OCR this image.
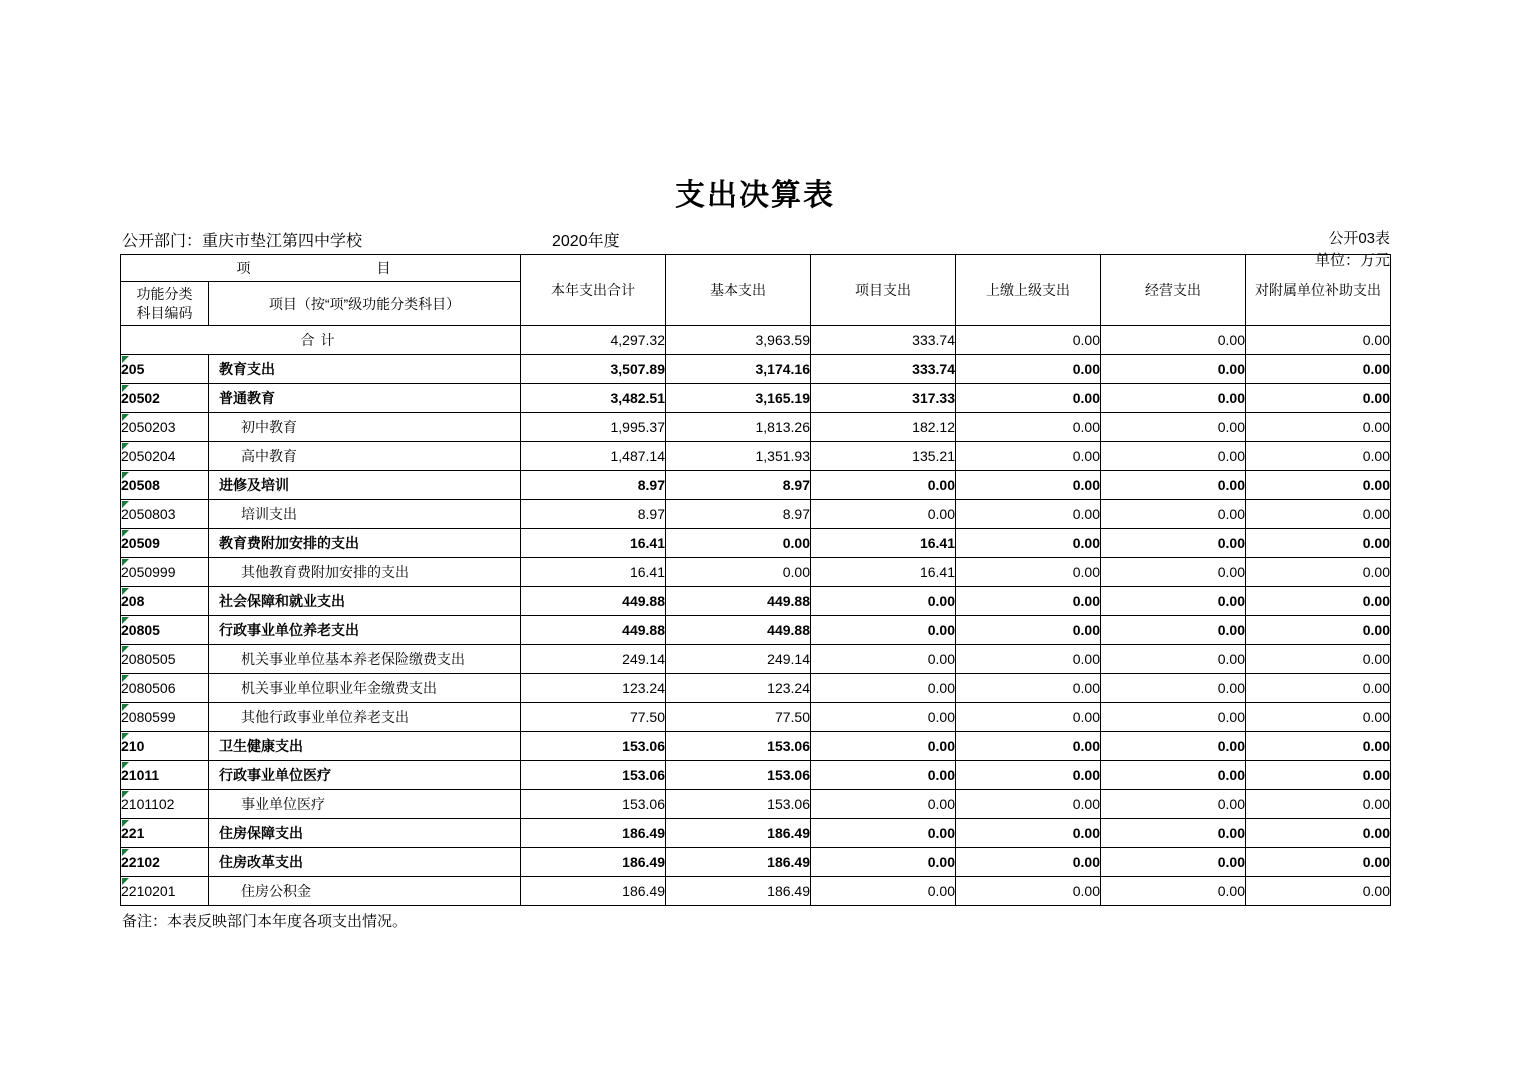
支出决算表
公开03表
单位：万元
公开部门：重庆市垫江第四中学校	2020年度
项　　　　目		本年支出合计	基本支出	项目支出	上缴上级支出	经营支出	对附属单位补助支出

功能分类
科目编码	项目（按“项”级功能分类科目）						
合计		4,297.32	3,963.59	333.74	0.00	0.00	0.00

205	教育支出	3,507.89	3,174.16	333.74	0.00	0.00	0.00

20502	普通教育	3,482.51	3,165.19	317.33	0.00	0.00	0.00

2050203	初中教育	1,995.37	1,813.26	182.12	0.00	0.00	0.00

2050204	高中教育	1,487.14	1,351.93	135.21	0.00	0.00	0.00

20508	进修及培训	8.97	8.97	0.00	0.00	0.00	0.00

2050803	培训支出	8.97	8.97	0.00	0.00	0.00	0.00

20509	教育费附加安排的支出	16.41	0.00	16.41	0.00	0.00	0.00

2050999	其他教育费附加安排的支出	16.41	0.00	16.41	0.00	0.00	0.00

208	社会保障和就业支出	449.88	449.88	0.00	0.00	0.00	0.00

20805	行政事业单位养老支出	449.88	449.88	0.00	0.00	0.00	0.00

2080505	机关事业单位基本养老保险缴费支出	249.14	249.14	0.00	0.00	0.00	0.00

2080506	机关事业单位职业年金缴费支出	123.24	123.24	0.00	0.00	0.00	0.00

2080599	其他行政事业单位养老支出	77.50	77.50	0.00	0.00	0.00	0.00

210	卫生健康支出	153.06	153.06	0.00	0.00	0.00	0.00

21011	行政事业单位医疗	153.06	153.06	0.00	0.00	0.00	0.00

2101102	事业单位医疗	153.06	153.06	0.00	0.00	0.00	0.00

221	住房保障支出	186.49	186.49	0.00	0.00	0.00	0.00

22102	住房改革支出	186.49	186.49	0.00	0.00	0.00	0.00

2210201	住房公积金	186.49	186.49	0.00	0.00	0.00	0.00
备注：本表反映部门本年度各项支出情况。
